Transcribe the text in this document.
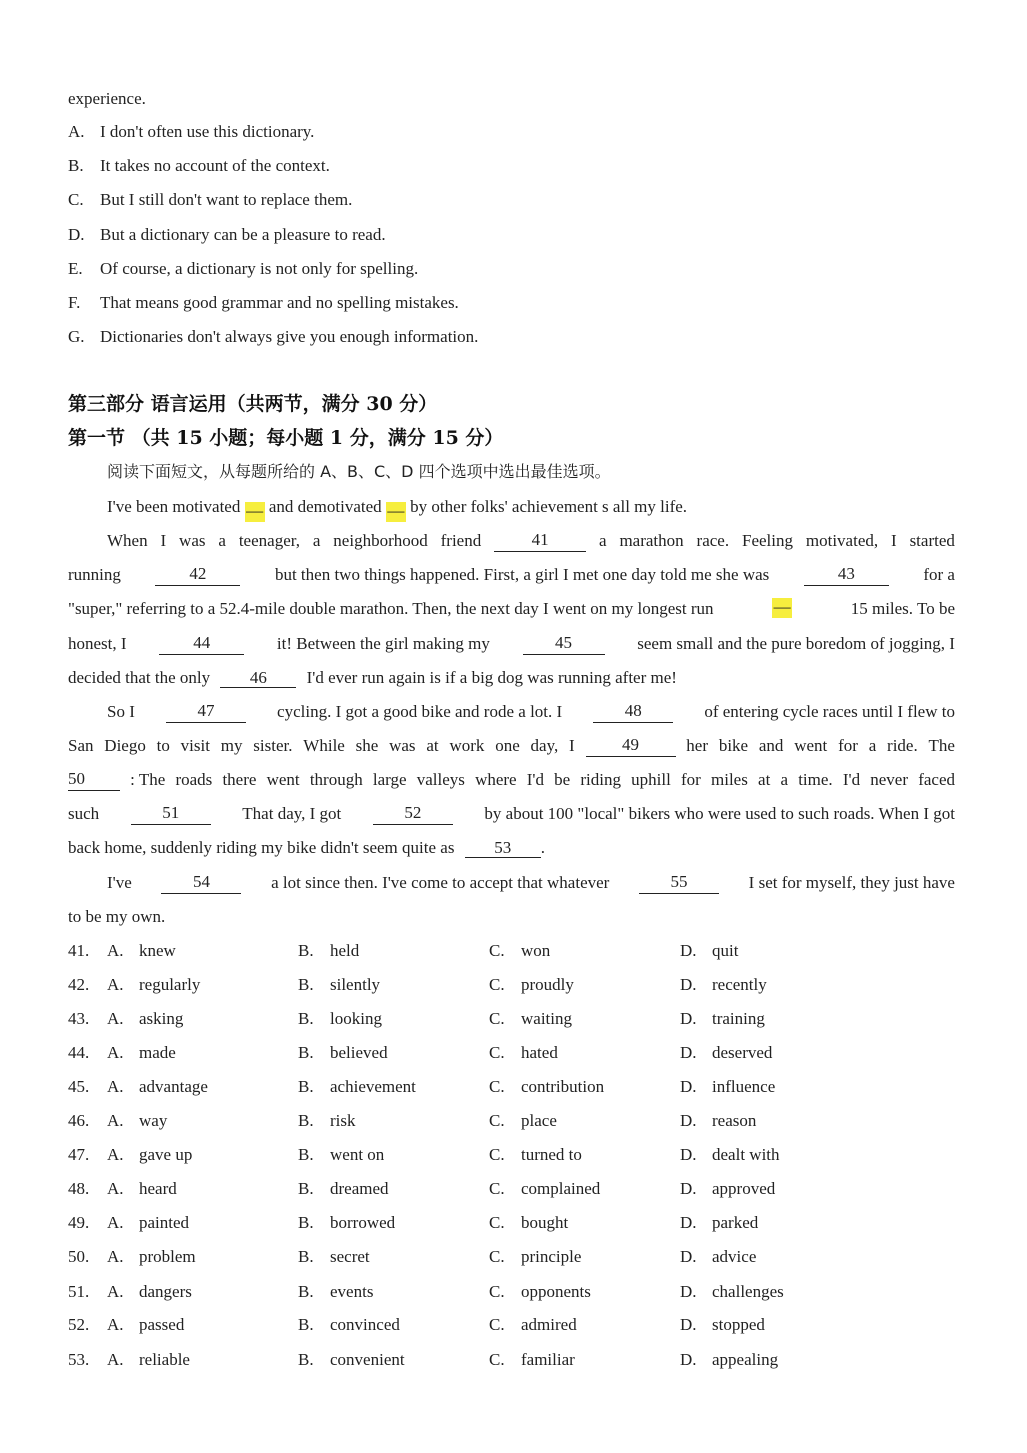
experience.
A. I don't often use this dictionary.
B. It takes no account of the context.
C. But I still don't want to replace them.
D. But a dictionary can be a pleasure to read.
E. Of course, a dictionary is not only for spelling.
F. That means good grammar and no spelling mistakes.
G. Dictionaries don't always give you enough information.
第三部分 语言运用（共两节，满分 30 分）
第一节 （共 15 小题；每小题 1 分，满分 15 分）
阅读下面短文，从每题所给的 A、B、C、D 四个选项中选出最佳选项。
I've been motivated — and demotivated — by other folks' achievement s all my life.
When I was a teenager, a neighborhood friend	41	a marathon race. Feeling motivated, I started
running	42	but then two things happened. First, a girl I met one day told me she was	43	for a
"super," referring to a 52.4-mile double marathon. Then, the next day I went on my longest run	—	15 miles. To be
honest, I	44	it! Between the girl making my	45	seem small and the pure boredom of jogging, I
decided that the only 46 I'd ever run again is if a big dog was running after me!
So I	47	cycling. I got a good bike and rode a lot. I	48	of entering cycle races until I flew to
San Diego to visit my sister. While she was at work one day, I	49	her bike and went for a ride. The
50	: The roads there went through large valleys where I'd be riding uphill for miles at a time. I'd never faced
such	51	That day, I got	52	by about 100 "local" bikers who were used to such roads. When I got
back home, suddenly riding my bike didn't seem quite as 53 .
I've	54	a lot since then. I've come to accept that whatever	55	I set for myself, they just have
to be my own.
41. A. knew	B. held	C. won	D. quit
42. A. regularly	B. silently	C. proudly	D. recently
43. A. asking	B. looking	C. waiting	D. training
44. A. made	B. believed	C. hated	D. deserved
45. A. advantage	B. achievement	C. contribution	D. influence
46. A. way	B. risk	C. place	D. reason
47. A. gave up	B. went on	C. turned to	D. dealt with
48. A. heard	B. dreamed	C. complained	D. approved
49. A. painted	B. borrowed	C. bought	D. parked
50. A. problem	B. secret	C. principle	D. advice
51. A. dangers	B. events	C. opponents	D. challenges
52. A. passed	B. convinced	C. admired	D. stopped
53. A. reliable	B. convenient	C. familiar	D. appealing
